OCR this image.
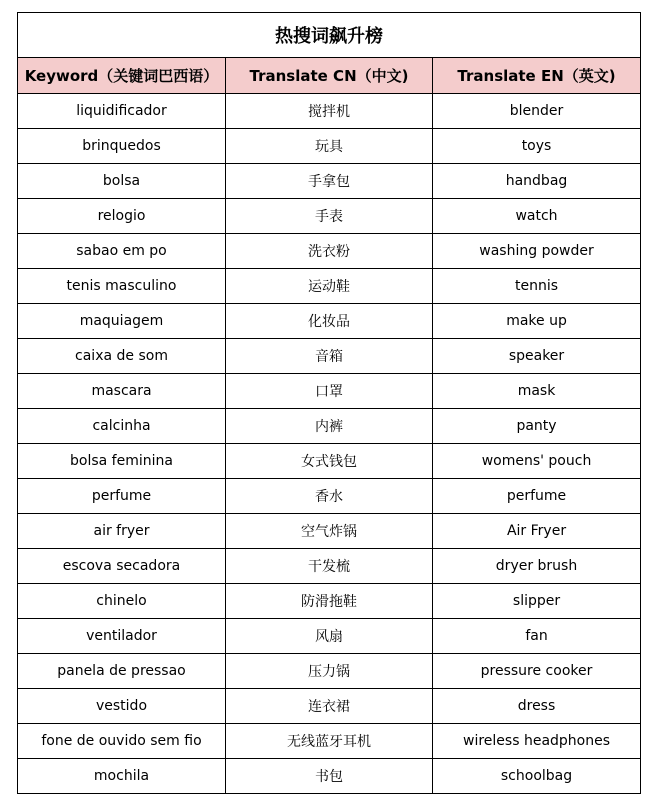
热搜词飙升榜		
Keyword（关键词巴西语）	Translate CN（中文)	Translate EN（英文)
liquidificador	搅拌机	blender
brinquedos	玩具	toys
bolsa	手拿包	handbag
relogio	手表	watch
sabao em po	洗衣粉	washing powder
tenis masculino	运动鞋	tennis
maquiagem	化妆品	make up
caixa de som	音箱	speaker
mascara	口罩	mask
calcinha	内裤	panty
bolsa feminina	女式钱包	womens' pouch
perfume	香水	perfume
air fryer	空气炸锅	Air Fryer
escova secadora	干发梳	dryer brush
chinelo	防滑拖鞋	slipper
ventilador	风扇	fan
panela de pressao	压力锅	pressure cooker
vestido	连衣裙	dress
fone de ouvido sem fio	无线蓝牙耳机	wireless headphones
mochila	书包	schoolbag
